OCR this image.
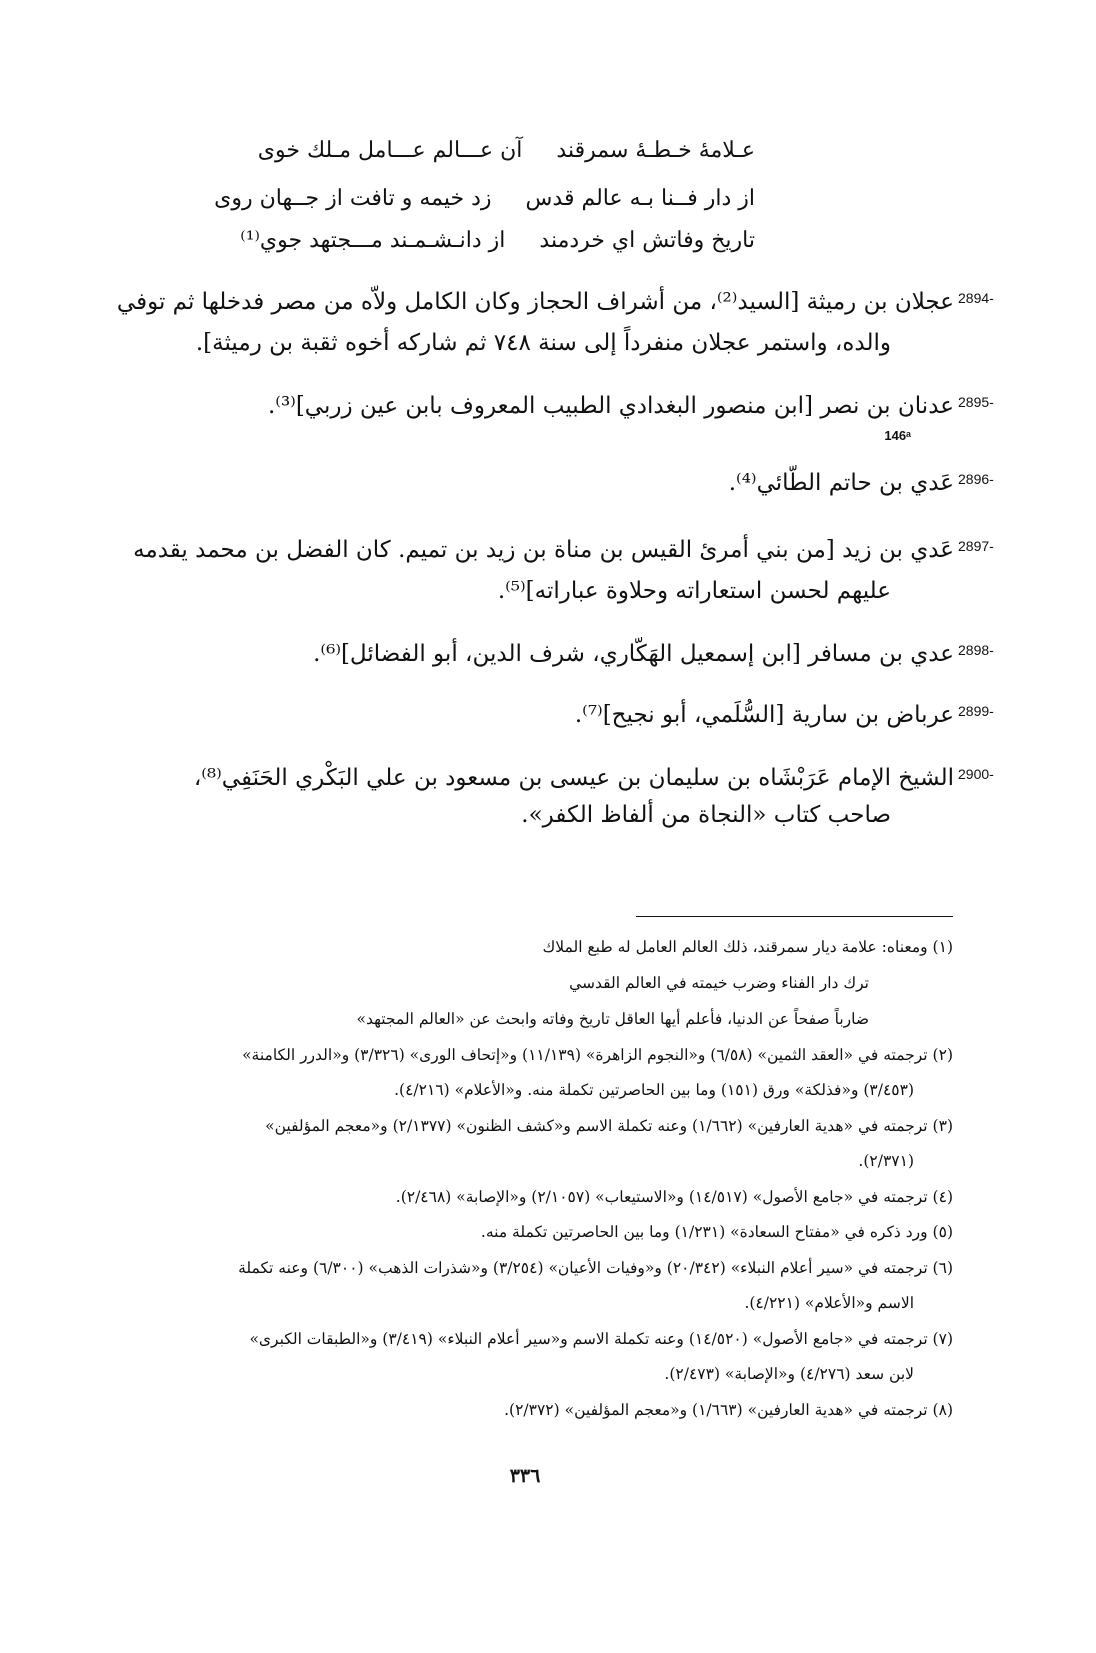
عـلامۀ خـطـۀ سمرقند
آن عـــالم عـــامل مـلك خوى
از دار فــنا بـه عالم قدس
زد خيمه و تافت از جــهان روى
تاريخ وفاتش اي خردمند
از دانـشـمـند مـــجتهد جوي⁽¹⁾
2894-
عجلان بن رميثة [السيد⁽²⁾، من أشراف الحجاز وكان الكامل ولاّه من مصر فدخلها ثم توفي
والده، واستمر عجلان منفرداً إلى سنة ٧٤٨ ثم شاركه أخوه ثقبة بن رميثة].
2895-
عدنان بن نصر [ابن منصور البغدادي الطبيب المعروف بابن عين زربي]⁽³⁾.
146ᵃ
2896-
عَدي بن حاتم الطّائي⁽⁴⁾.
2897-
عَدي بن زيد [من بني أمرئ القيس بن مناة بن زيد بن تميم. كان الفضل بن محمد يقدمه
عليهم لحسن استعاراته وحلاوة عباراته]⁽⁵⁾.
2898-
عدي بن مسافر [ابن إسمعيل الهَكّاري، شرف الدين، أبو الفضائل]⁽⁶⁾.
2899-
عرباض بن سارية [السُّلَمي، أبو نجيح]⁽⁷⁾.
2900-
الشيخ الإمام عَرَبْشَاه بن سليمان بن عيسى بن مسعود بن علي البَكْري الحَنَفِي⁽⁸⁾،
صاحب كتاب «النجاة من ألفاظ الكفر».
(١) ومعناه: علامة ديار سمرقند، ذلك العالم العامل له طبع الملاك
ترك دار الفناء وضرب خيمته في العالم القدسي
ضارباً صفحاً عن الدنيا، فأعلم أيها العاقل تاريخ وفاته وابحث عن «العالم المجتهد»
(٢) ترجمته في «العقد الثمين» (٦/٥٨) و«النجوم الزاهرة» (١١/١٣٩) و«إتحاف الورى» (٣/٣٢٦) و«الدرر الكامنة»
(٣/٤٥٣) و«فذلكة» ورق (١٥١) وما بين الحاصرتين تكملة منه. و«الأعلام» (٤/٢١٦).
(٣) ترجمته في «هدية العارفين» (١/٦٦٢) وعنه تكملة الاسم و«كشف الظنون» (٢/١٣٧٧) و«معجم المؤلفين»
(٢/٣٧١).
(٤) ترجمته في «جامع الأصول» (١٤/٥١٧) و«الاستيعاب» (٢/١٠٥٧) و«الإصابة» (٢/٤٦٨).
(٥) ورد ذكره في «مفتاح السعادة» (١/٢٣١) وما بين الحاصرتين تكملة منه.
(٦) ترجمته في «سير أعلام النبلاء» (٢٠/٣٤٢) و«وفيات الأعيان» (٣/٢٥٤) و«شذرات الذهب» (٦/٣٠٠) وعنه تكملة
الاسم و«الأعلام» (٤/٢٢١).
(٧) ترجمته في «جامع الأصول» (١٤/٥٢٠) وعنه تكملة الاسم و«سير أعلام النبلاء» (٣/٤١٩) و«الطبقات الكبرى»
لابن سعد (٤/٢٧٦) و«الإصابة» (٢/٤٧٣).
(٨) ترجمته في «هدية العارفين» (١/٦٦٣) و«معجم المؤلفين» (٢/٣٧٢).
٣٣٦
